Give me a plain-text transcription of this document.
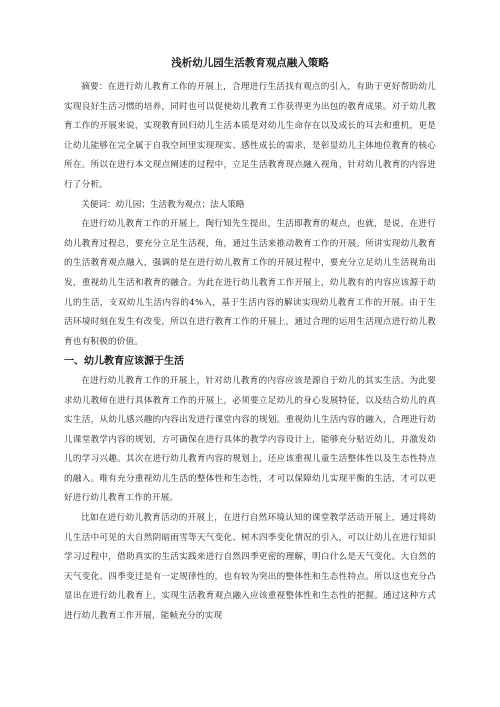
浅析幼儿园生活教育观点融入策略

摘要：在进行幼儿教育工作的开展上，合理进行生活找有观点的引入，有助于更好帮助幼儿实现良好生活习惯的培养，同时也可以促使幼儿教育工作获得更为出包的教育成果。对于幼儿教育工作的开展来说，实现教育回归幼儿生活本质是对幼儿生命存在以及成长的耳去和重机，更是让幼儿能够在完全属于自我空间里实现现实、感性成长的需求，是彰显幼儿主体地位教育的核心所在。所以在进行本文现点阐述的过程中，立足生活教育现点融入视角，针对幼儿教育的内容进行了分析。

关便词：幼儿园；生活教为观点；法人策略

在进行幼儿教育工作的开展上，陶行知先生提出，生活即教育的观点，也就，是说，在进行幼儿教育过程总，要充分立足生活视，角，通过生活来推动教育工作的开展。所讲实现幼儿教育的生活教育观点融入，强调的是在进行幼儿教育工作的开展过程中，要充分立足幼儿生活视角出发，重视幼儿生活和教育的融合。为此在进行幼儿教育工作开展上，幼儿教有的内容应该源于幼儿的生活，支双幼儿生活内容的4%入，基于生活内容的解读实现幼儿教育工作的开展。由于生活环境时刻在发生有改变，所以在进行教育工作的开展上，通过合理的运用生活现点进行幼儿教育也有积极的价值。

一、幼儿教育应该源于生活

在进行幼儿教育工作的开展上，针对幼儿教育的内容应该是源自于幼儿的其实生活。为此要求幼儿教师在进行具体教育工作的开展上，必须要立足幼儿的身心发展特征，以及结合幼儿的真实生活，从幼儿感兴趣的内容出发进行课堂内容的规划。重视幼儿生活内容的融入，合理进行幼儿课堂教学内容的规划，方可确保在进行具体的教学内容设计上，能够充分贴近幼儿，并激发幼儿的学习兴趣。其次在进行幼儿教育内容的规划上，还应该重视儿童生活整体性以及生态性特点的融入。唯有充分重视幼儿生活的整体性和生态性，才可以保障幼儿实现平衡的生活，才可以更好进行幼儿教育工作的开展。

比如在进行幼儿教育活动的开展上，在进行自然环境认知的课堂教学活动开展上，通过将幼儿生活中可见的大自然阴暗雨雪等天气变化、树木四季变化情况的引入，可以让幼儿在进行知识学习过程中，借助真实的生活实践来进行自然四季更密的理解，明白什么是天气变化。大自然的天气变化、四季变迁是有一定规律性的，也有较为突出的整体性和生态性特点。所以这也充分凸显出在进行幼儿教育上，实现生活教育观点融入应该重视整体性和生态性的把握。通过这种方式进行幼儿教育工作开展，能帧充分的实现
